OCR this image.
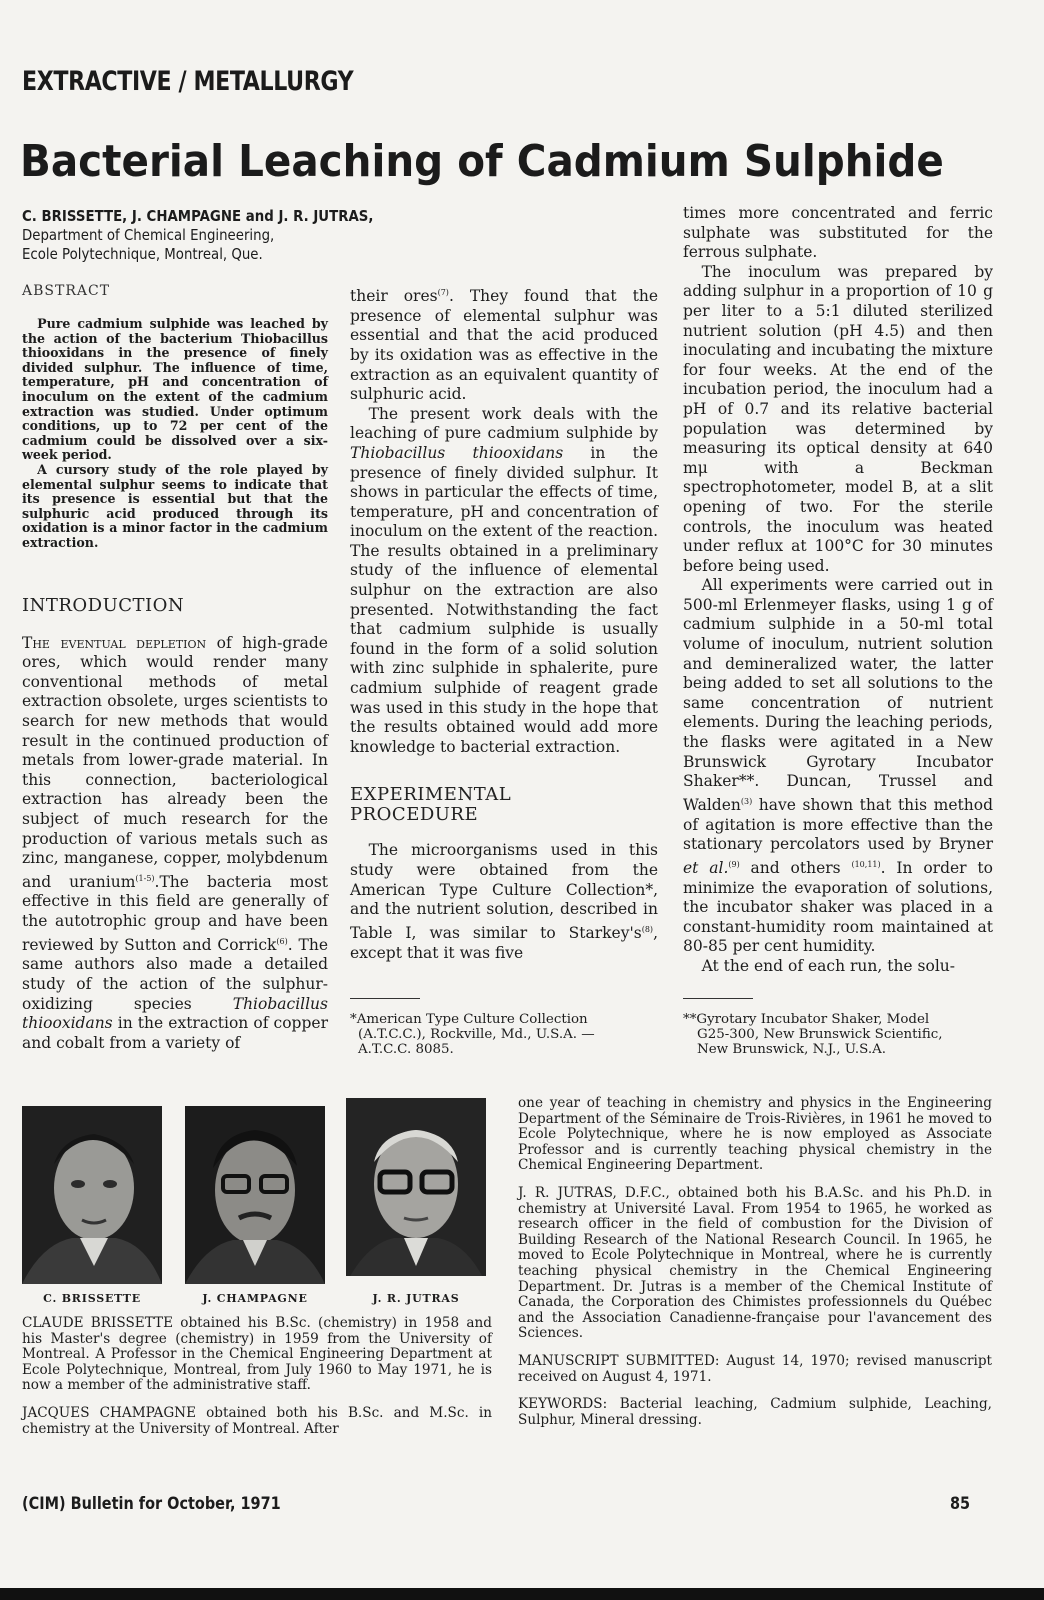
EXTRACTIVE / METALLURGY
Bacterial Leaching of Cadmium Sulphide
C. BRISSETTE, J. CHAMPAGNE and J. R. JUTRAS,
Department of Chemical Engineering,
Ecole Polytechnique, Montreal, Que.
ABSTRACT

Pure cadmium sulphide was leached by the action of the bacterium Thiobacillus thiooxidans in the presence of finely divided sulphur. The influence of time, temperature, pH and concentration of inoculum on the extent of the cadmium extraction was studied. Under optimum conditions, up to 72 per cent of the cadmium could be dissolved over a six-week period.

A cursory study of the role played by elemental sulphur seems to indicate that its presence is essential but that the sulphuric acid produced through its oxidation is a minor factor in the cadmium extraction.

INTRODUCTION

The eventual depletion of high-grade ores, which would render many conventional methods of metal extraction obsolete, urges scientists to search for new methods that would result in the continued production of metals from lower-grade material. In this connection, bacteriological extraction has already been the subject of much research for the production of various metals such as zinc, manganese, copper, molybdenum and uranium$^{(1-5)}$.The bacteria most effective in this field are generally of the autotrophic group and have been reviewed by Sutton and Corrick$^{(6)}$. The same authors also made a detailed study of the action of the sulphur-oxidizing species Thiobacillus thiooxidans in the extraction of copper and cobalt from a variety of

their ores$^{(7)}$. They found that the presence of elemental sulphur was essential and that the acid produced by its oxidation was as effective in the extraction as an equivalent quantity of sulphuric acid.

The present work deals with the leaching of pure cadmium sulphide by Thiobacillus thiooxidans in the presence of finely divided sulphur. It shows in particular the effects of time, temperature, pH and concentration of inoculum on the extent of the reaction. The results obtained in a preliminary study of the influence of elemental sulphur on the extraction are also presented. Notwithstanding the fact that cadmium sulphide is usually found in the form of a solid solution with zinc sulphide in sphalerite, pure cadmium sulphide of reagent grade was used in this study in the hope that the results obtained would add more knowledge to bacterial extraction.

EXPERIMENTAL
PROCEDURE

The microorganisms used in this study were obtained from the American Type Culture Collection*, and the nutrient solution, described in Table I, was similar to $Starkey's^{(8)}$, except that it was five

*American Type Culture Collection
(A.T.C.C.), Rockville, Md., U.S.A. —
A.T.C.C. 8085.

times more concentrated and ferric sulphate was substituted for the ferrous sulphate.

The inoculum was prepared by adding sulphur in a proportion of 10 g per liter to a 5:1 diluted sterilized nutrient solution (pH 4.5) and then inoculating and incubating the mixture for four weeks. At the end of the incubation period, the inoculum had a pH of 0.7 and its relative bacterial population was determined by measuring its optical density at 640 mμ with a Beckman spectrophotometer, model B, at a slit opening of two. For the sterile controls, the inoculum was heated under reflux at 100°C for 30 minutes before being used.

All experiments were carried out in 500-ml Erlenmeyer flasks, using 1 g of cadmium sulphide in a 50-ml total volume of inoculum, nutrient solution and demineralized water, the latter being added to set all solutions to the same concentration of nutrient elements. During the leaching periods, the flasks were agitated in a New Brunswick Gyrotary Incubator Shaker**. Duncan, Trussel and Walden$^{(3)}$ have shown that this method of agitation is more effective than the stationary percolators used by Bryner et al.$^{(9)}$ and others $^{(10,11)}$. In order to minimize the evaporation of solutions, the incubator shaker was placed in a constant-humidity room maintained at 80-85 per cent humidity.

At the end of each run, the solu-

**Gyrotary Incubator Shaker, Model
G25-300, New Brunswick Scientific,
New Brunswick, N.J., U.S.A.
C. BRISSETTE	J. CHAMPAGNE	J. R. JUTRAS

CLAUDE BRISSETTE obtained his B.Sc. (chemistry) in 1958 and his Master's degree (chemistry) in 1959 from the University of Montreal. A Professor in the Chemical Engineering Department at Ecole Polytechnique, Montreal, from July 1960 to May 1971, he is now a member of the administrative staff.

JACQUES CHAMPAGNE obtained both his B.Sc. and M.Sc. in chemistry at the University of Montreal. After

one year of teaching in chemistry and physics in the Engineering Department of the Séminaire de Trois-Rivières, in 1961 he moved to Ecole Polytechnique, where he is now employed as Associate Professor and is currently teaching physical chemistry in the Chemical Engineering Department.

J. R. JUTRAS, D.F.C., obtained both his B.A.Sc. and his Ph.D. in chemistry at Université Laval. From 1954 to 1965, he worked as research officer in the field of combustion for the Division of Building Research of the National Research Council. In 1965, he moved to Ecole Polytechnique in Montreal, where he is currently teaching physical chemistry in the Chemical Engineering Department. Dr. Jutras is a member of the Chemical Institute of Canada, the Corporation des Chimistes professionnels du Québec and the Association Canadienne-française pour l'avancement des Sciences.

MANUSCRIPT SUBMITTED: August 14, 1970; revised manuscript received on August 4, 1971.

KEYWORDS: Bacterial leaching, Cadmium sulphide, Leaching, Sulphur, Mineral dressing.

(CIM) Bulletin for October, 1971	85
